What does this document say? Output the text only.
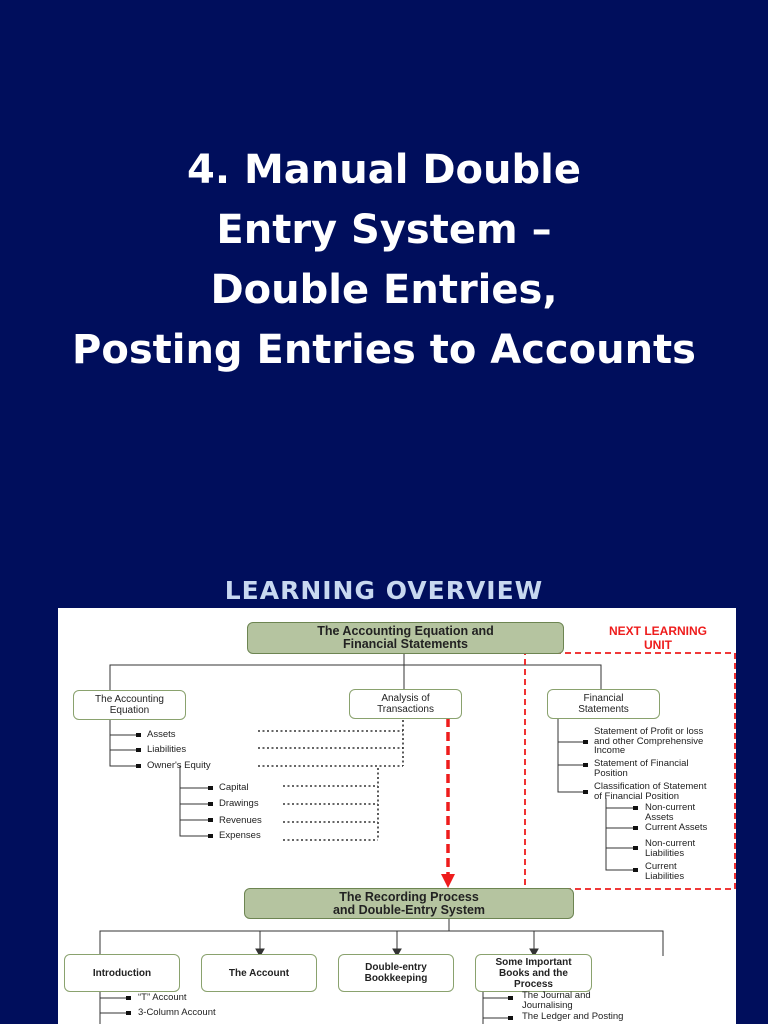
4. Manual Double
Entry System –
Double Entries,
Posting Entries to Accounts
LEARNING OVERVIEW
NEXT LEARNING
UNIT
The Accounting Equation and
Financial Statements
The Accounting
Equation
Analysis of
Transactions
Financial
Statements
Assets
Liabilities
Owner's Equity
Capital
Drawings
Revenues
Expenses
Statement of Profit or loss
and other Comprehensive
Income
Statement of Financial
Position
Classification of Statement
of Financial Position
Non-current
Assets
Current Assets
Non-current
Liabilities
Current
Liabilities
The Recording Process
and Double-Entry System
Introduction	The Account	Double-entry
Bookkeeping
Some Important
Books and the
Process
“T” Account
3-Column Account
The Journal and
Journalising
The Ledger and Posting
